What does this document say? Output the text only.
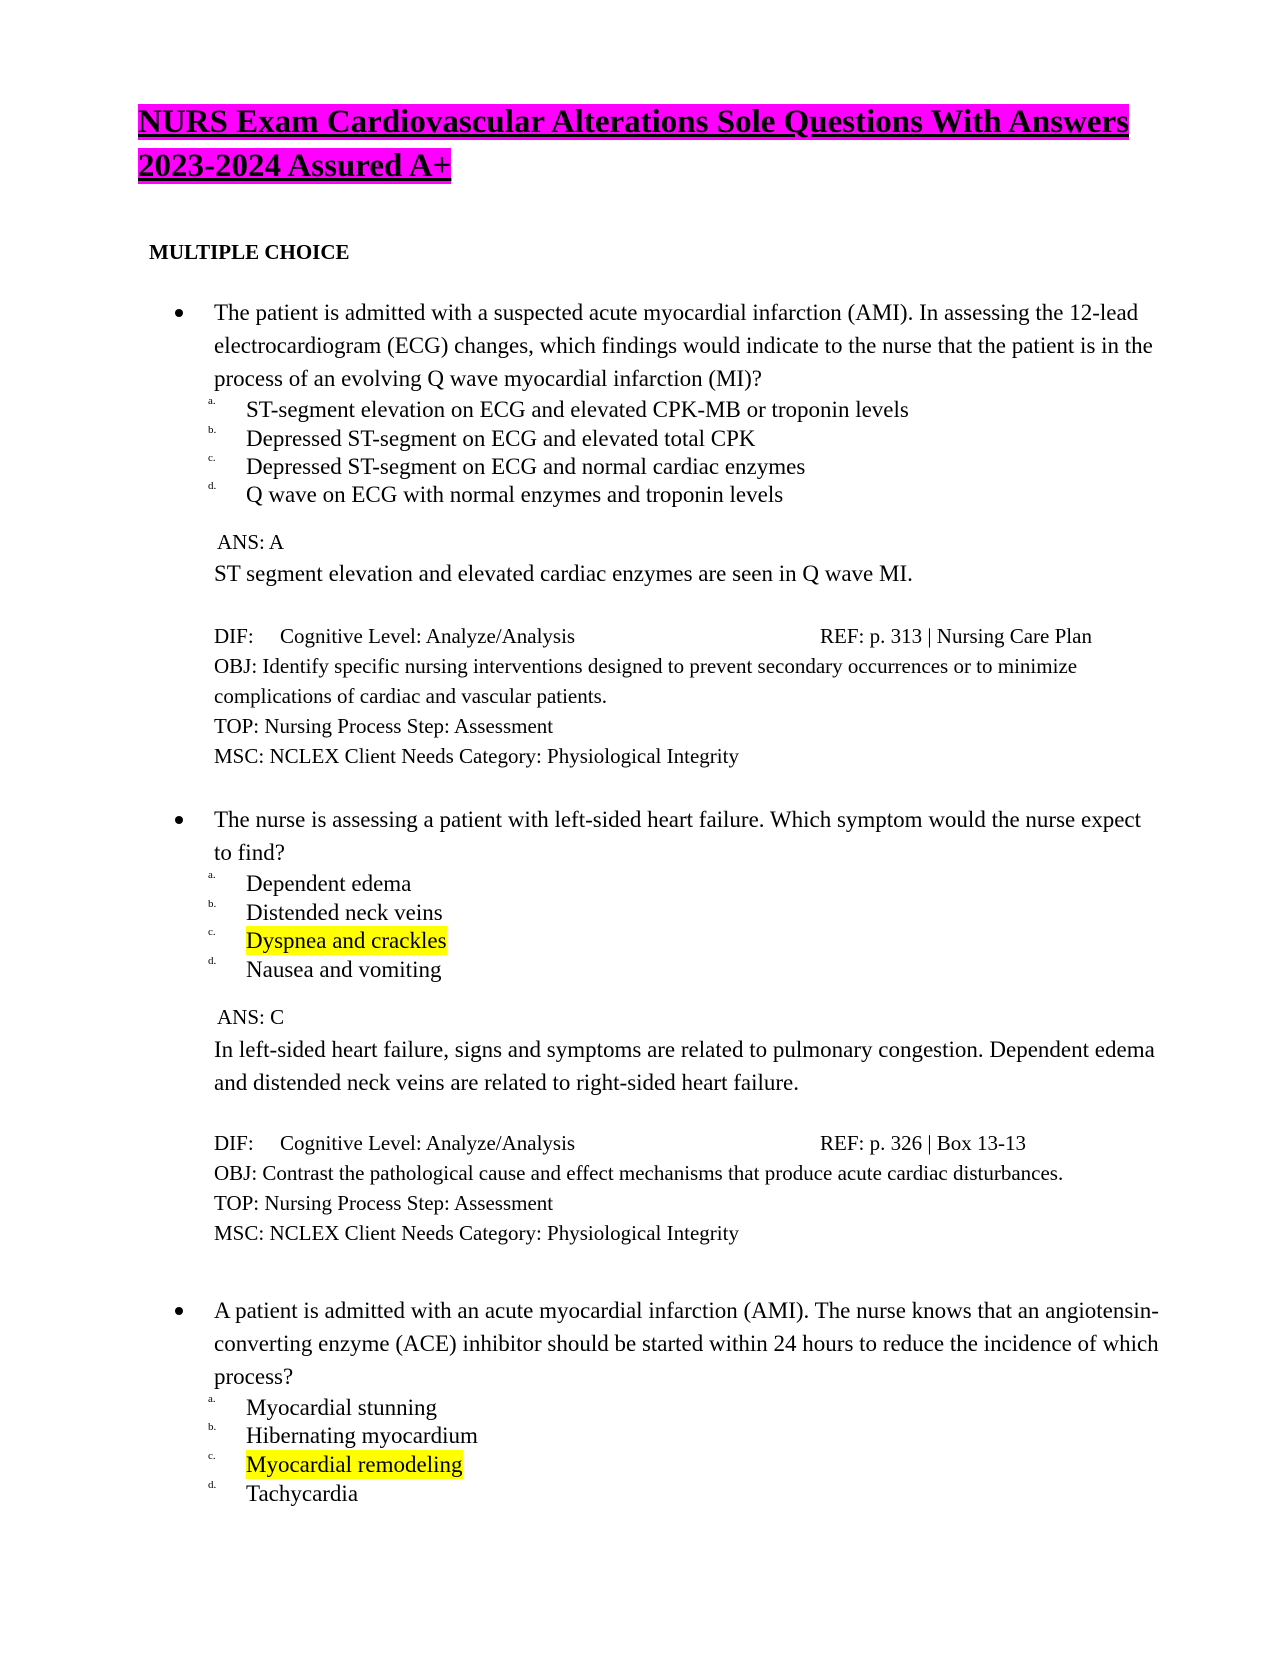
NURS Exam Cardiovascular Alterations Sole Questions With Answers 2023-2024 Assured A+

MULTIPLE CHOICE

The patient is admitted with a suspected acute myocardial infarction (AMI). In assessing the 12-lead electrocardiogram (ECG) changes, which findings would indicate to the nurse that the patient is in the process of an evolving Q wave myocardial infarction (MI)?

a. ST-segment elevation on ECG and elevated CPK-MB or troponin levels
b. Depressed ST-segment on ECG and elevated total CPK
c. Depressed ST-segment on ECG and normal cardiac enzymes
d. Q wave on ECG with normal enzymes and troponin levels
ANS: A

ST segment elevation and elevated cardiac enzymes are seen in Q wave MI.

DIF: Cognitive Level: Analyze/Analysis	REF: p. 313 | Nursing Care Plan
OBJ: Identify specific nursing interventions designed to prevent secondary occurrences or to minimize complications of cardiac and vascular patients.
TOP: Nursing Process Step: Assessment
MSC: NCLEX Client Needs Category: Physiological Integrity

The nurse is assessing a patient with left-sided heart failure. Which symptom would the nurse expect to find?

a. Dependent edema
b. Distended neck veins
c. Dyspnea and crackles
d. Nausea and vomiting
ANS: C

In left-sided heart failure, signs and symptoms are related to pulmonary congestion. Dependent edema and distended neck veins are related to right-sided heart failure.

DIF: Cognitive Level: Analyze/Analysis	REF: p. 326 | Box 13-13
OBJ: Contrast the pathological cause and effect mechanisms that produce acute cardiac disturbances.
TOP: Nursing Process Step: Assessment
MSC: NCLEX Client Needs Category: Physiological Integrity

A patient is admitted with an acute myocardial infarction (AMI). The nurse knows that an angiotensin-converting enzyme (ACE) inhibitor should be started within 24 hours to reduce the incidence of which process?

a. Myocardial stunning
b. Hibernating myocardium
c. Myocardial remodeling
d. Tachycardia
